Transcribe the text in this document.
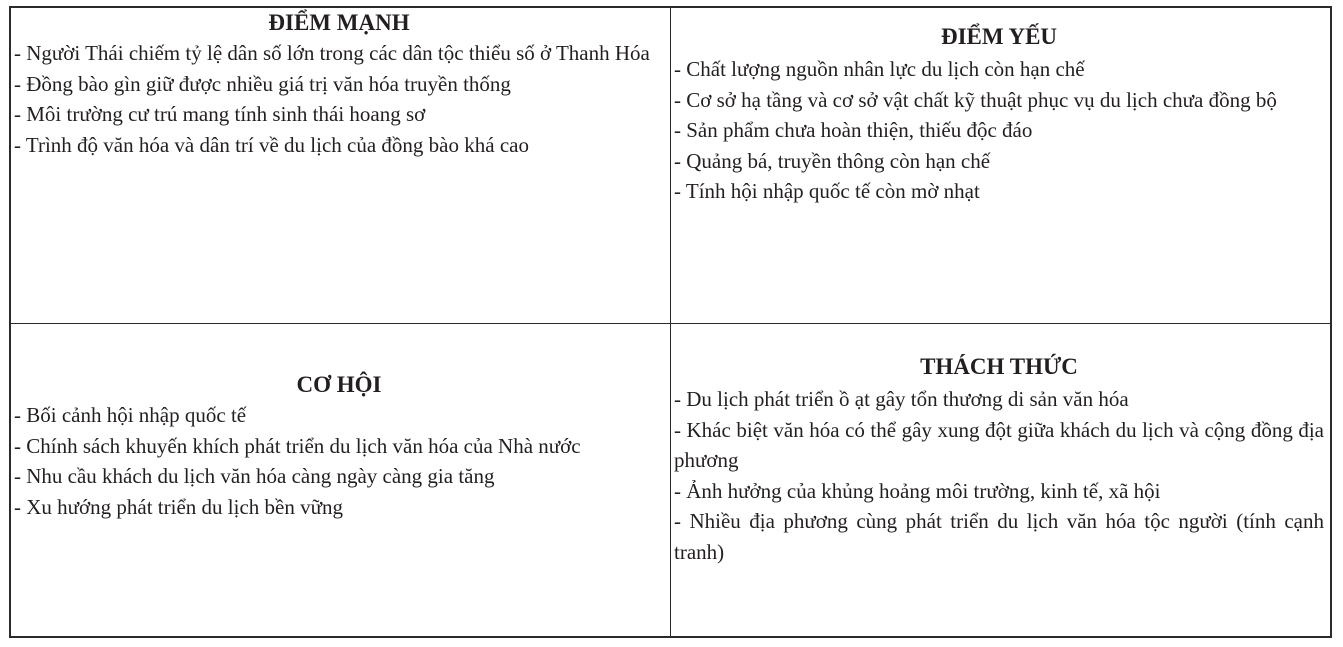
ĐIỂM MẠNH

- Người Thái chiếm tỷ lệ dân số lớn trong các dân tộc thiểu số ở Thanh Hóa
- Đồng bào gìn giữ được nhiều giá trị văn hóa truyền thống
- Môi trường cư trú mang tính sinh thái hoang sơ
- Trình độ văn hóa và dân trí về du lịch của đồng bào khá cao

ĐIỂM YẾU

- Chất lượng nguồn nhân lực du lịch còn hạn chế
- Cơ sở hạ tầng và cơ sở vật chất kỹ thuật phục vụ du lịch chưa đồng bộ
- Sản phẩm chưa hoàn thiện, thiếu độc đáo
- Quảng bá, truyền thông còn hạn chế
- Tính hội nhập quốc tế còn mờ nhạt

CƠ HỘI

- Bối cảnh hội nhập quốc tế
- Chính sách khuyến khích phát triển du lịch văn hóa của Nhà nước
- Nhu cầu khách du lịch văn hóa càng ngày càng gia tăng
- Xu hướng phát triển du lịch bền vững

THÁCH THỨC

- Du lịch phát triển ồ ạt gây tổn thương di sản văn hóa
- Khác biệt văn hóa có thể gây xung đột giữa khách du lịch và cộng đồng địa phương
- Ảnh hưởng của khủng hoảng môi trường, kinh tế, xã hội
- Nhiều địa phương cùng phát triển du lịch văn hóa tộc người (tính cạnh tranh)
